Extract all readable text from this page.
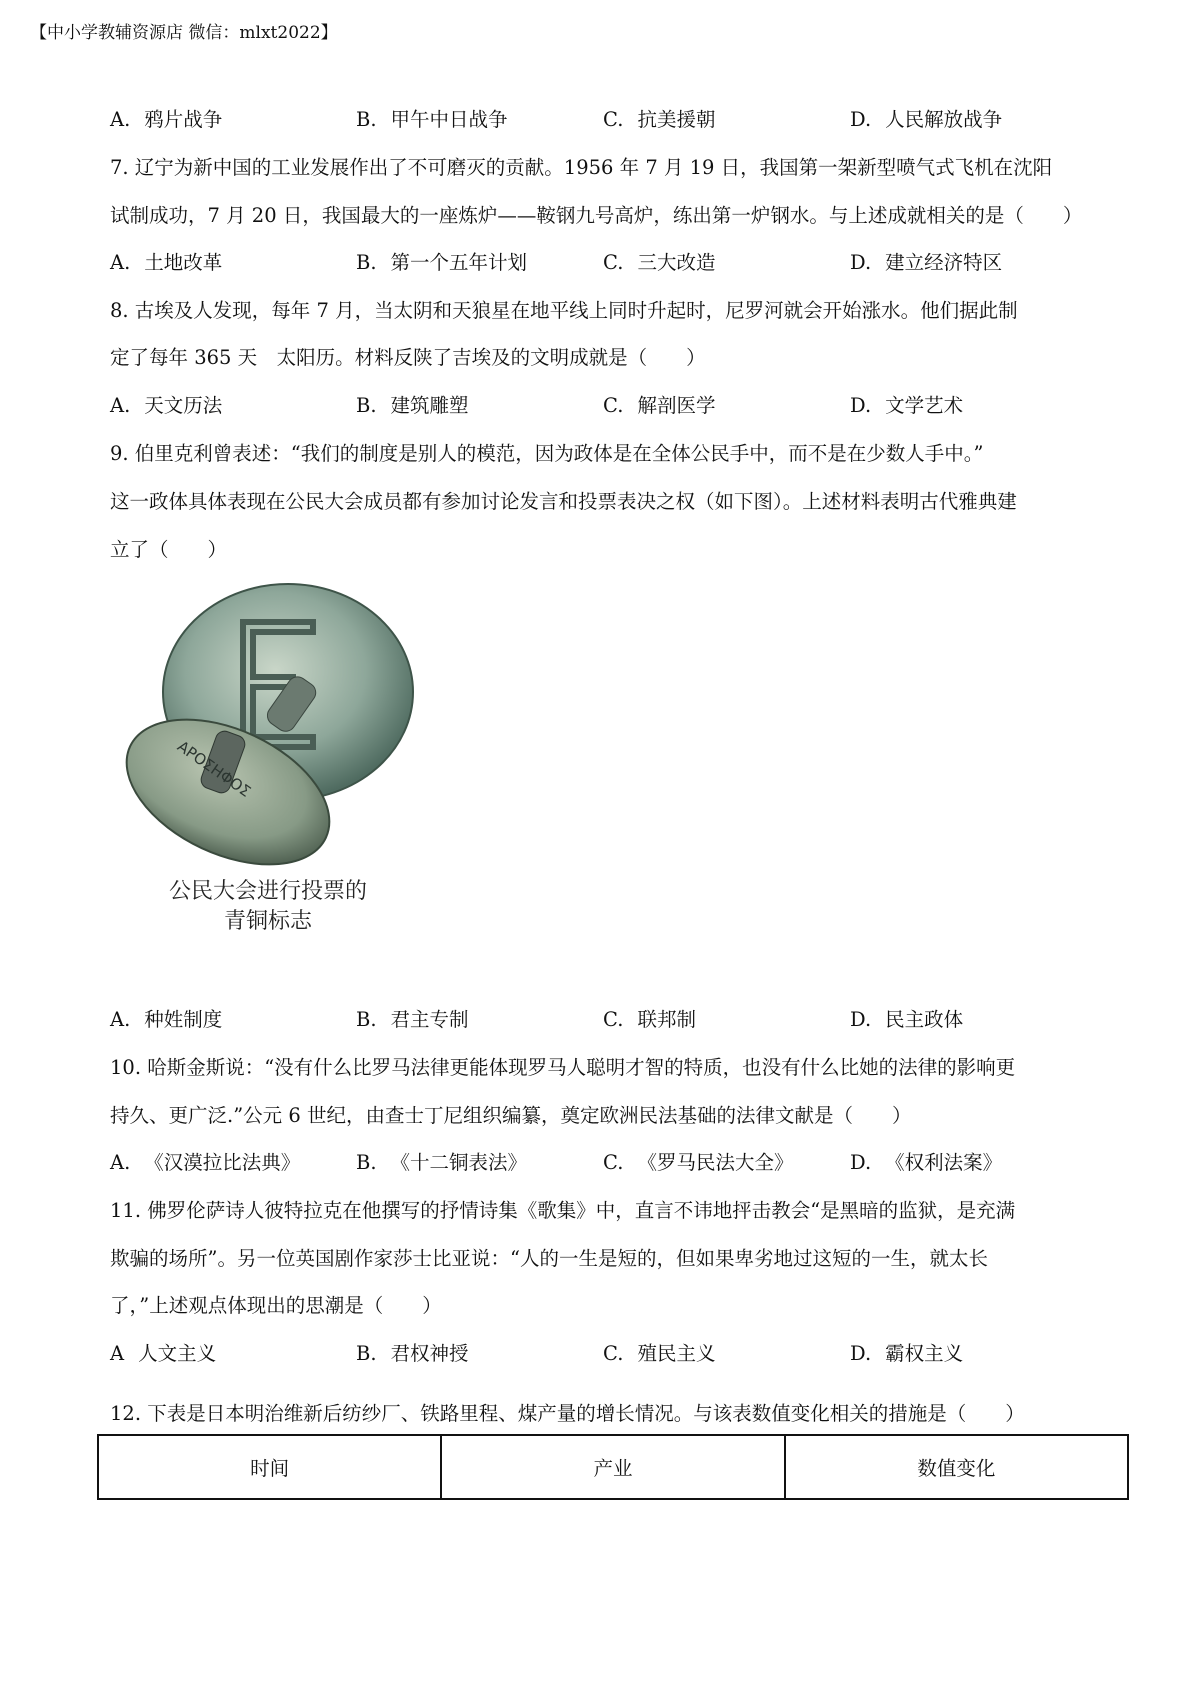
【中小学教辅资源店 微信：mlxt2022】
A. 鸦片战争	B. 甲午中日战争	C. 抗美援朝	D. 人民解放战争
7. 辽宁为新中国的工业发展作出了不可磨灭的贡献。1956 年 7 月 19 日，我国第一架新型喷气式飞机在沈阳
试制成功，7 月 20 日，我国最大的一座炼炉——鞍钢九号高炉，练出第一炉钢水。与上述成就相关的是（　　）
A. 土地改革	B. 第一个五年计划	C. 三大改造	D. 建立经济特区
8. 古埃及人发现，每年 7 月，当太阴和天狼星在地平线上同时升起时，尼罗河就会开始涨水。他们据此制
定了每年 365 天　太阳历。材料反陕了吉埃及的文明成就是（　　）
A. 天文历法	B. 建筑雕塑	C. 解剖医学	D. 文学艺术
9. 伯里克利曾表述：“我们的制度是别人的模范，因为政体是在全体公民手中，而不是在少数人手中。”
这一政体具体表现在公民大会成员都有参加讨论发言和投票表决之权（如下图）。上述材料表明古代雅典建
立了（　　）
ΑΡΟΣΗΦΟΣ
公民大会进行投票的
青铜标志
A. 种姓制度	B. 君主专制	C. 联邦制	D. 民主政体
10. 哈斯金斯说：“没有什么比罗马法律更能体现罗马人聪明才智的特质，也没有什么比她的法律的影响更
持久、更广泛.”公元 6 世纪，由查士丁尼组织编纂，奠定欧洲民法基础的法律文献是（　　）
A. 《汉漠拉比法典》	B. 《十二铜表法》	C. 《罗马民法大全》	D. 《权利法案》
11. 佛罗伦萨诗人彼特拉克在他撰写的抒情诗集《歌集》中，直言不讳地抨击教会“是黑暗的监狱，是充满
欺骗的场所”。另一位英国剧作家莎士比亚说：“人的一生是短的，但如果卑劣地过这短的一生，就太长
了，”上述观点体现出的思潮是（　　）
A 人文主义	B. 君权神授	C. 殖民主义	D. 霸权主义
12. 下表是日本明治维新后纺纱厂、铁路里程、煤产量的增长情况。与该表数值变化相关的措施是（　　）
时间	产业	数值变化
